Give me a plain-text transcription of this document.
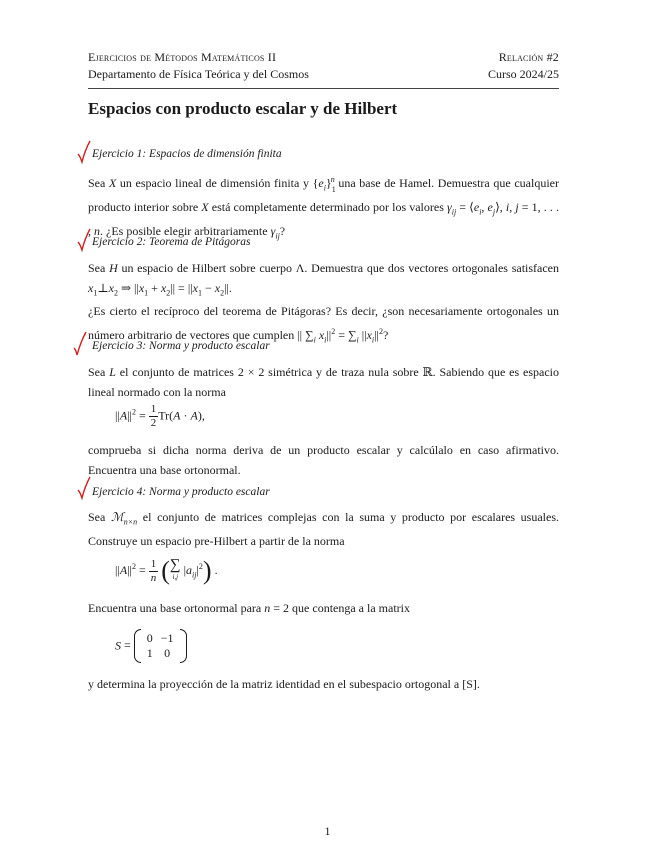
Ejercicios de Métodos Matemáticos II	Relación #2
Departamento de Física Teórica y del Cosmos	Curso 2024/25
Espacios con producto escalar y de Hilbert
Ejercicio 1: Espacios de dimensión finita

Sea X un espacio lineal de dimensión finita y $\{e_i\}_1^n$ una base de Hamel. Demuestra que cualquier producto interior sobre X está completamente determinado por los valores $\gamma_{ij}$ = $⟨e_i$, $e_j⟩$, i, j = 1, . . . , n. ¿Es posible elegir arbitrariamente $\gamma_{ij}$?

Ejercicio 2: Teorema de Pitágoras

Sea H un espacio de Hilbert sobre cuerpo Λ. Demuestra que dos vectores ortogonales satisfacen $x_1\perp x_2$ ⇒ $||x_1 + x_2|| = ||x_1 - x_2||$.

¿Es cierto el recíproco del teorema de Pitágoras? Es decir, ¿son necesariamente ortogonales un número arbitrario de vectores que cumplen || $\sum_i$ $x_i||^2 = \sum_i$ $||x_i||^2$?

Ejercicio 3: Norma y producto escalar

Sea L el conjunto de matrices 2 × 2 simétrica y de traza nula sobre ℝ. Sabiendo que es espacio lineal normado con la norma

$||A||^2 = \frac{1}{2} Tr(A \cdot A)$,

comprueba si dicha norma deriva de un producto escalar y calcúlalo en caso afirmativo. Encuentra una base ortonormal.

Ejercicio 4: Norma y producto escalar

Sea ℳ$_{n\times n}$ el conjunto de matrices complejas con la suma y producto por escalares usuales. Construye un espacio pre-Hilbert a partir de la norma

$||A||^2 = \frac{1}{n}$ ( ∑
i,j
$|a_{ij}|^2$) .

Encuentra una base ortonormal para n = 2 que contenga a la matrix

S = 0	−1
1	0

y determina la proyección de la matriz identidad en el subespacio ortogonal a [S].

1
